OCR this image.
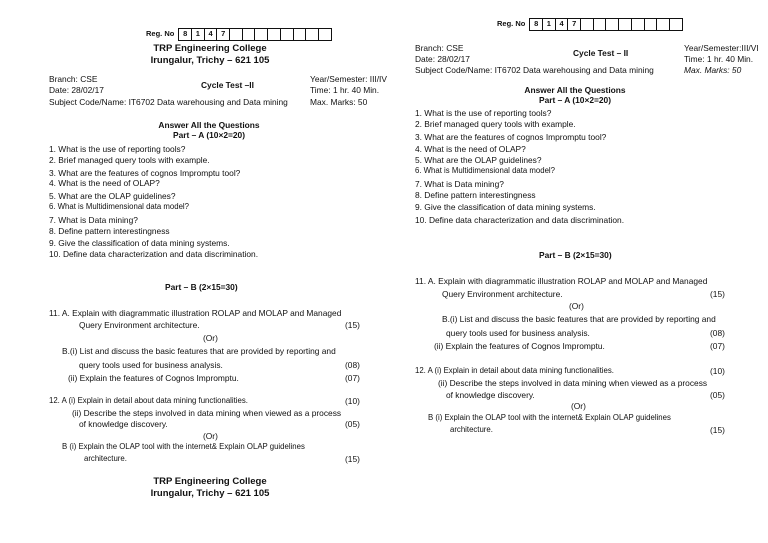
Reg. No	8	1	4	7
TRP Engineering College
Irungalur, Trichy – 621 105
Branch: CSE
Date: 28/02/17
Subject Code/Name: IT6702 Data warehousing and Data mining
Cycle Test –II
Year/Semester: III/IV
Time: 1 hr. 40 Min.
Max. Marks: 50
Answer All the Questions
Part – A (10×2=20)
1. What is the use of reporting tools?
2. Brief managed query tools with example.
3. What are the features of cognos Impromptu tool?
4. What is the need of OLAP?
5. What are the OLAP guidelines?
6. What is Multidimensional data model?
7. What is Data mining?
8. Define pattern interestingness
9. Give the classification of data mining systems.
10. Define data characterization and data discrimination.
Part – B (2×15=30)
11. A. Explain with diagrammatic illustration ROLAP and MOLAP and Managed
Query Environment architecture.	(15)
(Or)
B.(i) List and discuss the basic features that are provided by reporting and
query tools used for business analysis.	(08)
(ii) Explain the features of Cognos Impromptu.	(07)
12. A (i) Explain in detail about data mining functionalities.	(10)
(ii) Describe the steps involved in data mining when viewed as a process
of knowledge discovery.	(05)
(Or)
B (i) Explain the OLAP tool with the internet& Explain OLAP guidelines
architecture.	(15)
TRP Engineering College
Irungalur, Trichy – 621 105
Reg. No	8	1	4	7
Branch: CSE
Date: 28/02/17
Subject Code/Name: IT6702 Data warehousing and Data mining
Cycle Test – II	Year/Semester:III/VI
Time: 1 hr. 40 Min.
Max. Marks: 50
Answer All the Questions
Part – A (10×2=20)
1. What is the use of reporting tools?
2. Brief managed query tools with example.
3. What are the features of cognos Impromptu tool?
4. What is the need of OLAP?
5. What are the OLAP guidelines?
6. What is Multidimensional data model?
7. What is Data mining?
8. Define pattern interestingness
9. Give the classification of data mining systems.
10. Define data characterization and data discrimination.
Part – B (2×15=30)
11. A. Explain with diagrammatic illustration ROLAP and MOLAP and Managed
Query Environment architecture.	(15)
(Or)
B.(i) List and discuss the basic features that are provided by reporting and
query tools used for business analysis.	(08)
(ii) Explain the features of Cognos Impromptu.	(07)
12. A (i) Explain in detail about data mining functionalities.	(10)
(ii) Describe the steps involved in data mining when viewed as a process
of knowledge discovery.	(05)
(Or)
B (i) Explain the OLAP tool with the internet& Explain OLAP guidelines
architecture.	(15)
